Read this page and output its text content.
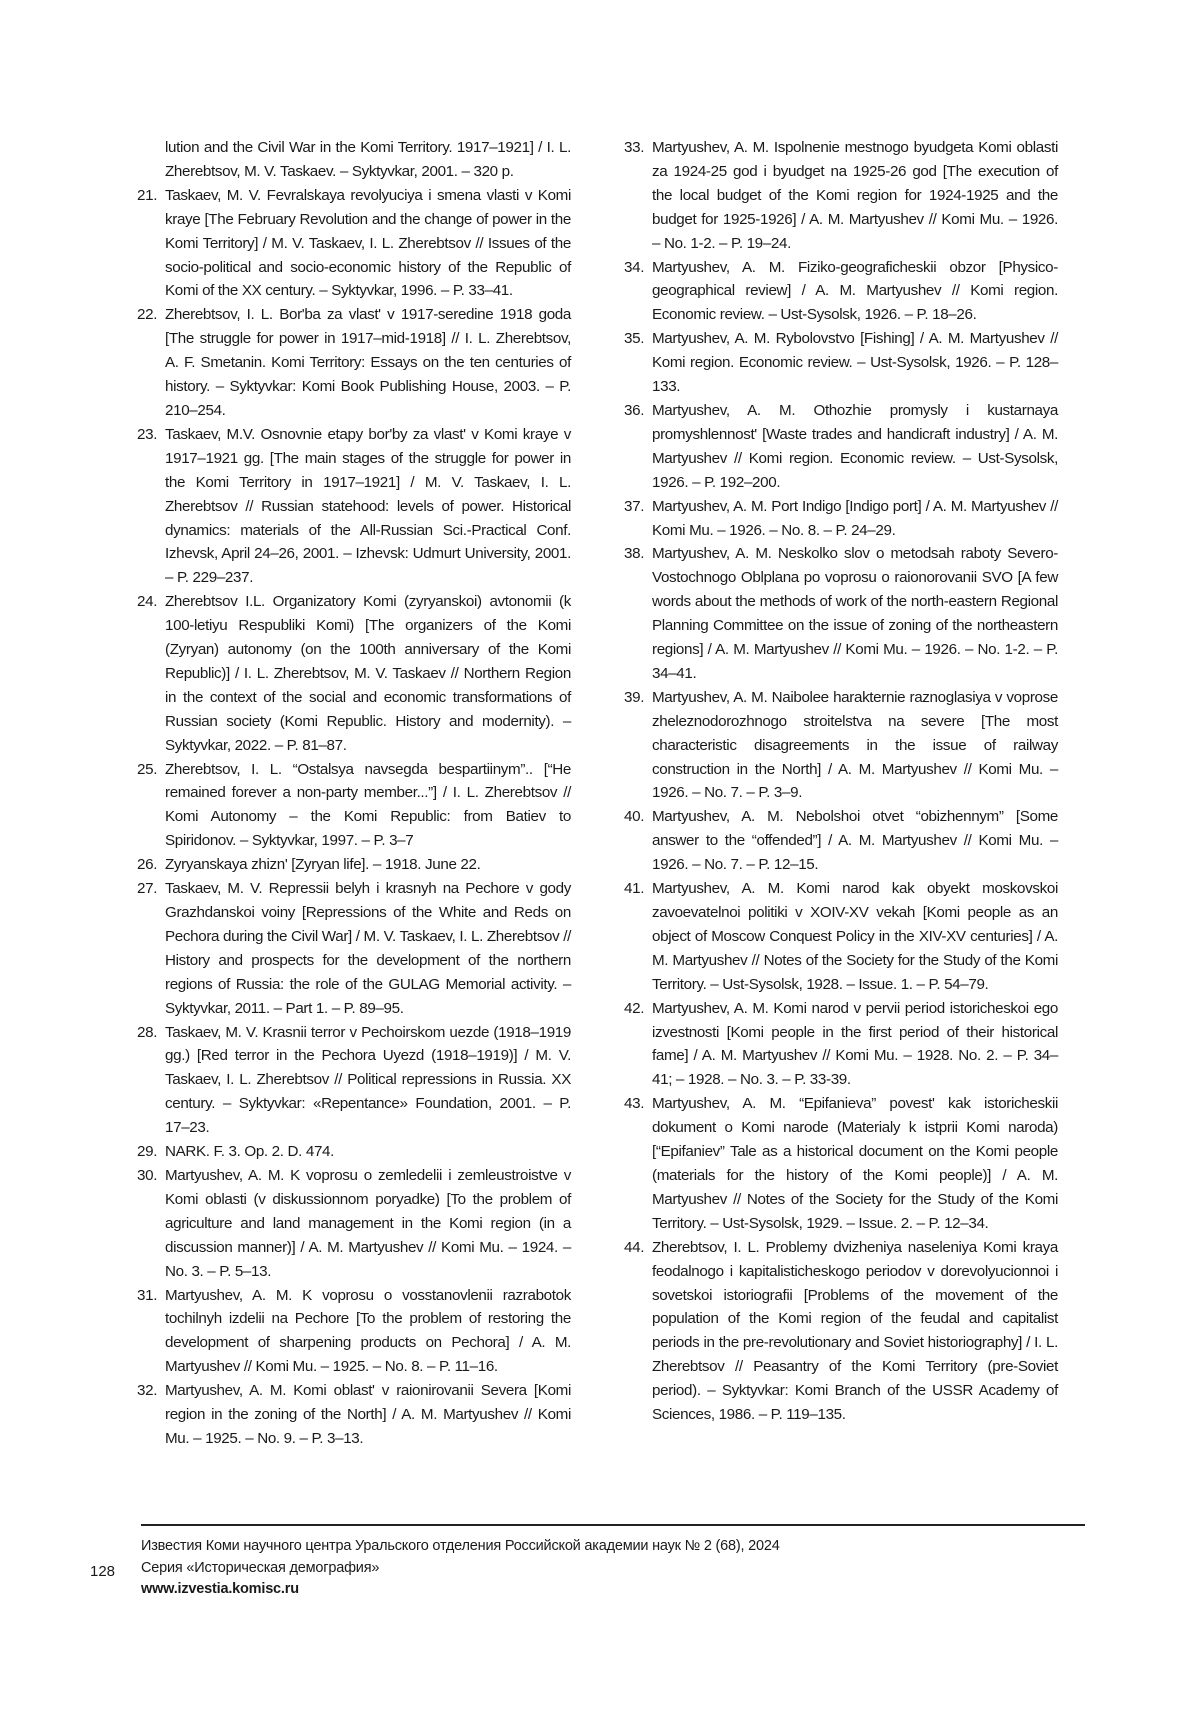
lution and the Civil War in the Komi Territory. 1917–1921] / I. L. Zherebtsov, M. V. Taskaev. – Syktyvkar, 2001. – 320 p.
21. Taskaev, M. V. Fevralskaya revolyuciya i smena vlasti v Komi kraye [The February Revolution and the change of power in the Komi Territory] / M. V. Taskaev, I. L. Zherebtsov // Issues of the socio-political and socio-economic history of the Republic of Komi of the XX century. – Syktyvkar, 1996. – P. 33–41.
22. Zherebtsov, I. L. Bor'ba za vlast' v 1917-seredine 1918 goda [The struggle for power in 1917–mid-1918] // I. L. Zherebtsov, A. F. Smetanin. Komi Territory: Essays on the ten centuries of history. – Syktyvkar: Komi Book Publishing House, 2003. – P. 210–254.
23. Taskaev, M.V. Osnovnie etapy bor'by za vlast' v Komi kraye v 1917–1921 gg. [The main stages of the struggle for power in the Komi Territory in 1917–1921] / M. V. Taskaev, I. L. Zherebtsov // Russian statehood: levels of power. Historical dynamics: materials of the All-Russian Sci.-Practical Conf. Izhevsk, April 24–26, 2001. – Izhevsk: Udmurt University, 2001. – P. 229–237.
24. Zherebtsov I.L. Organizatory Komi (zyryanskoi) avtonomii (k 100-letiyu Respubliki Komi) [The organizers of the Komi (Zyryan) autonomy (on the 100th anniversary of the Komi Republic)] / I. L. Zherebtsov, M. V. Taskaev // Northern Region in the context of the social and economic transformations of Russian society (Komi Republic. History and modernity). – Syktyvkar, 2022. – P. 81–87.
25. Zherebtsov, I. L. “Ostalsya navsegda bespartiinym”.. [“He remained forever a non-party member...”] / I. L. Zherebtsov // Komi Autonomy – the Komi Republic: from Batiev to Spiridonov. – Syktyvkar, 1997. – P. 3–7
26. Zyryanskaya zhizn' [Zyryan life]. – 1918. June 22.
27. Taskaev, M. V. Repressii belyh i krasnyh na Pechore v gody Grazhdanskoi voiny [Repressions of the White and Reds on Pechora during the Civil War] / M. V. Taskaev, I. L. Zherebtsov // History and prospects for the development of the northern regions of Russia: the role of the GULAG Memorial activity. – Syktyvkar, 2011. – Part 1. – P. 89–95.
28. Taskaev, M. V. Krasnii terror v Pechoirskom uezde (1918–1919 gg.) [Red terror in the Pechora Uyezd (1918–1919)] / M. V. Taskaev, I. L. Zherebtsov // Political repressions in Russia. XX century. – Syktyvkar: «Repentance» Foundation, 2001. – P. 17–23.
29. NARK. F. 3. Op. 2. D. 474.
30. Martyushev, A. M. K voprosu o zemledelii i zemleustroistve v Komi oblasti (v diskussionnom poryadke) [To the problem of agriculture and land management in the Komi region (in a discussion manner)] / A. M. Martyushev // Komi Mu. – 1924. – No. 3. – P. 5–13.
31. Martyushev, A. M. K voprosu o vosstanovlenii razrabotok tochilnyh izdelii na Pechore [To the problem of restoring the development of sharpening products on Pechora] / A. M. Martyushev // Komi Mu. – 1925. – No. 8. – P. 11–16.
32. Martyushev, A. M. Komi oblast' v raionirovanii Severa [Komi region in the zoning of the North] / A. M. Martyushev // Komi Mu. – 1925. – No. 9. – P. 3–13.
33. Martyushev, A. M. Ispolnenie mestnogo byudgeta Komi oblasti za 1924-25 god i byudget na 1925-26 god [The execution of the local budget of the Komi region for 1924-1925 and the budget for 1925-1926] / A. M. Martyushev // Komi Mu. – 1926. – No. 1-2. – P. 19–24.
34. Martyushev, A. M. Fiziko-geograficheskii obzor [Physico-geographical review] / A. M. Martyushev // Komi region. Economic review. – Ust-Sysolsk, 1926. – P. 18–26.
35. Martyushev, A. M. Rybolovstvo [Fishing] / A. M. Martyushev // Komi region. Economic review. – Ust-Sysolsk, 1926. – P. 128–133.
36. Martyushev, A. M. Othozhie promysly i kustarnaya promyshlennost' [Waste trades and handicraft industry] / A. M. Martyushev // Komi region. Economic review. – Ust-Sysolsk, 1926. – P. 192–200.
37. Martyushev, A. M. Port Indigo [Indigo port] / A. M. Martyushev // Komi Mu. – 1926. – No. 8. – P. 24–29.
38. Martyushev, A. M. Neskolko slov o metodsah raboty Severo-Vostochnogo Oblplana po voprosu o raionorovanii SVO [A few words about the methods of work of the north-eastern Regional Planning Committee on the issue of zoning of the northeastern regions] / A. M. Martyushev // Komi Mu. – 1926. – No. 1-2. – P. 34–41.
39. Martyushev, A. M. Naibolee harakternie raznoglasiya v voprose zheleznodorozhnogo stroitelstva na severe [The most characteristic disagreements in the issue of railway construction in the North] / A. M. Martyushev // Komi Mu. – 1926. – No. 7. – P. 3–9.
40. Martyushev, A. M. Nebolshoi otvet “obizhennym” [Some answer to the “offended”] / A. M. Martyushev // Komi Mu. – 1926. – No. 7. – P. 12–15.
41. Martyushev, A. M. Komi narod kak obyekt moskovskoi zavoevatelnoi politiki v XOIV-XV vekah [Komi people as an object of Moscow Conquest Policy in the XIV-XV centuries] / A. M. Martyushev // Notes of the Society for the Study of the Komi Territory. – Ust-Sysolsk, 1928. – Issue. 1. – P. 54–79.
42. Martyushev, A. M. Komi narod v pervii period istoricheskoi ego izvestnosti [Komi people in the first period of their historical fame] / A. M. Martyushev // Komi Mu. – 1928. No. 2. – P. 34–41; – 1928. – No. 3. – P. 33-39.
43. Martyushev, A. M. “Epifanieva” povest' kak istoricheskii dokument o Komi narode (Materialy k istprii Komi naroda) [“Epifaniev” Tale as a historical document on the Komi people (materials for the history of the Komi people)] / A. M. Martyushev // Notes of the Society for the Study of the Komi Territory. – Ust-Sysolsk, 1929. – Issue. 2. – P. 12–34.
44. Zherebtsov, I. L. Problemy dvizheniya naseleniya Komi kraya feodalnogo i kapitalisticheskogo periodov v dorevolyucionnoi i sovetskoi istoriografii [Problems of the movement of the population of the Komi region of the feudal and capitalist periods in the pre-revolutionary and Soviet historiography] / I. L. Zherebtsov // Peasantry of the Komi Territory (pre-Soviet period). – Syktyvkar: Komi Branch of the USSR Academy of Sciences, 1986. – P. 119–135.
128
Известия Коми научного центра Уральского отделения Российской академии наук № 2 (68), 2024
Серия «Историческая демография»
www.izvestia.komisc.ru
